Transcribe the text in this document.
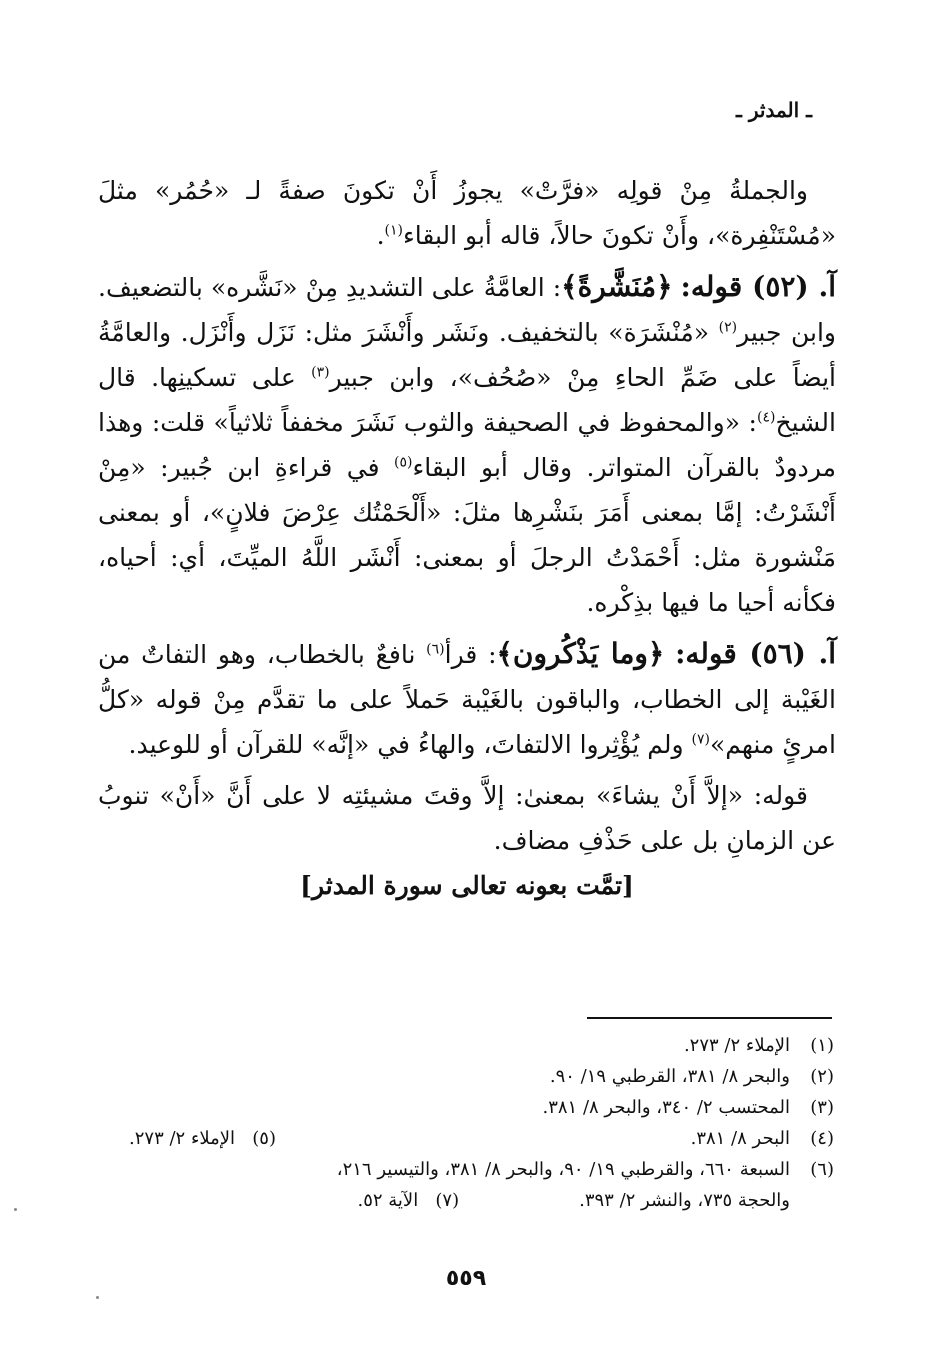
ـ المدثر ـ

والجملةُ مِنْ قولِه «فرَّتْ» يجوزُ أَنْ تكونَ صفةً لـ «حُمُر» مثلَ «مُسْتَنْفِرة»، وأَنْ تكونَ حالاً، قاله أبو البقاء$^{(١)}$.

آ. (٥٢) قوله: ﴿مُنَشَّرةً﴾: العامَّةُ على التشديدِ مِنْ «نَشَّره» بالتضعيف. وابن جبير$^{(٢)}$ «مُنْشَرَة» بالتخفيف. ونَشَر وأَنْشَرَ مثل: نَزَل وأَنْزَل. والعامَّةُ أيضاً على ضَمِّ الحاءِ مِنْ «صُحُف»، وابن جبير$^{(٣)}$ على تسكينِها. قال الشيخ$^{(٤)}$: «والمحفوظ في الصحيفة والثوب نَشَرَ مخففاً ثلاثياً» قلت: وهذا مردودٌ بالقرآن المتواتر. وقال أبو البقاء$^{(٥)}$ في قراءةِ ابن جُبير: «مِنْ أَنْشَرْتُ: إمَّا بمعنى أَمَرَ بنَشْرِها مثلَ: «أَلْحَمْتُك عِرْضَ فلانٍ»، أو بمعنى مَنْشورة مثل: أَحْمَدْتُ الرجلَ أو بمعنى: أَنْشَر اللَّهُ الميِّتَ، أي: أحياه، فكأنه أحيا ما فيها بذِكْره.

آ. (٥٦) قوله: ﴿وما يَذْكُرون﴾: قرأ$^{(٦)}$ نافعٌ بالخطاب، وهو التفاتٌ من الغَيْبة إلى الخطاب، والباقون بالغَيْبة حَملاً على ما تقدَّم مِنْ قوله «كلُّ امرئٍ منهم»$^{(٧)}$ ولم يُؤْثِروا الالتفاتَ، والهاءُ في «إنَّه» للقرآن أو للوعيد.

قوله: «إلاَّ أَنْ يشاءَ» بمعنىٰ: إلاَّ وقتَ مشيئتِه لا على أَنَّ «أَنْ» تنوبُ عن الزمانِ بل على حَذْفِ مضاف.

[تمَّت بعونه تعالى سورة المدثر]

(١)
الإملاء ٢/ ٢٧٣.
(٢)
والبحر ٨/ ٣٨١، القرطبي ١٩/ ٩٠.
(٣)
المحتسب ٢/ ٣٤٠، والبحر ٨/ ٣٨١.
(٤)
البحر ٨/ ٣٨١.
(٥)

الإملاء ٢/ ٢٧٣.
(٦)
السبعة ٦٦٠، والقرطبي ١٩/ ٩٠، والبحر ٨/ ٣٨١، والتيسير ٢١٦،
والحجة ٧٣٥، والنشر ٢/ ٣٩٣.
(٧)   الآية ٥٢.
٥٥٩
